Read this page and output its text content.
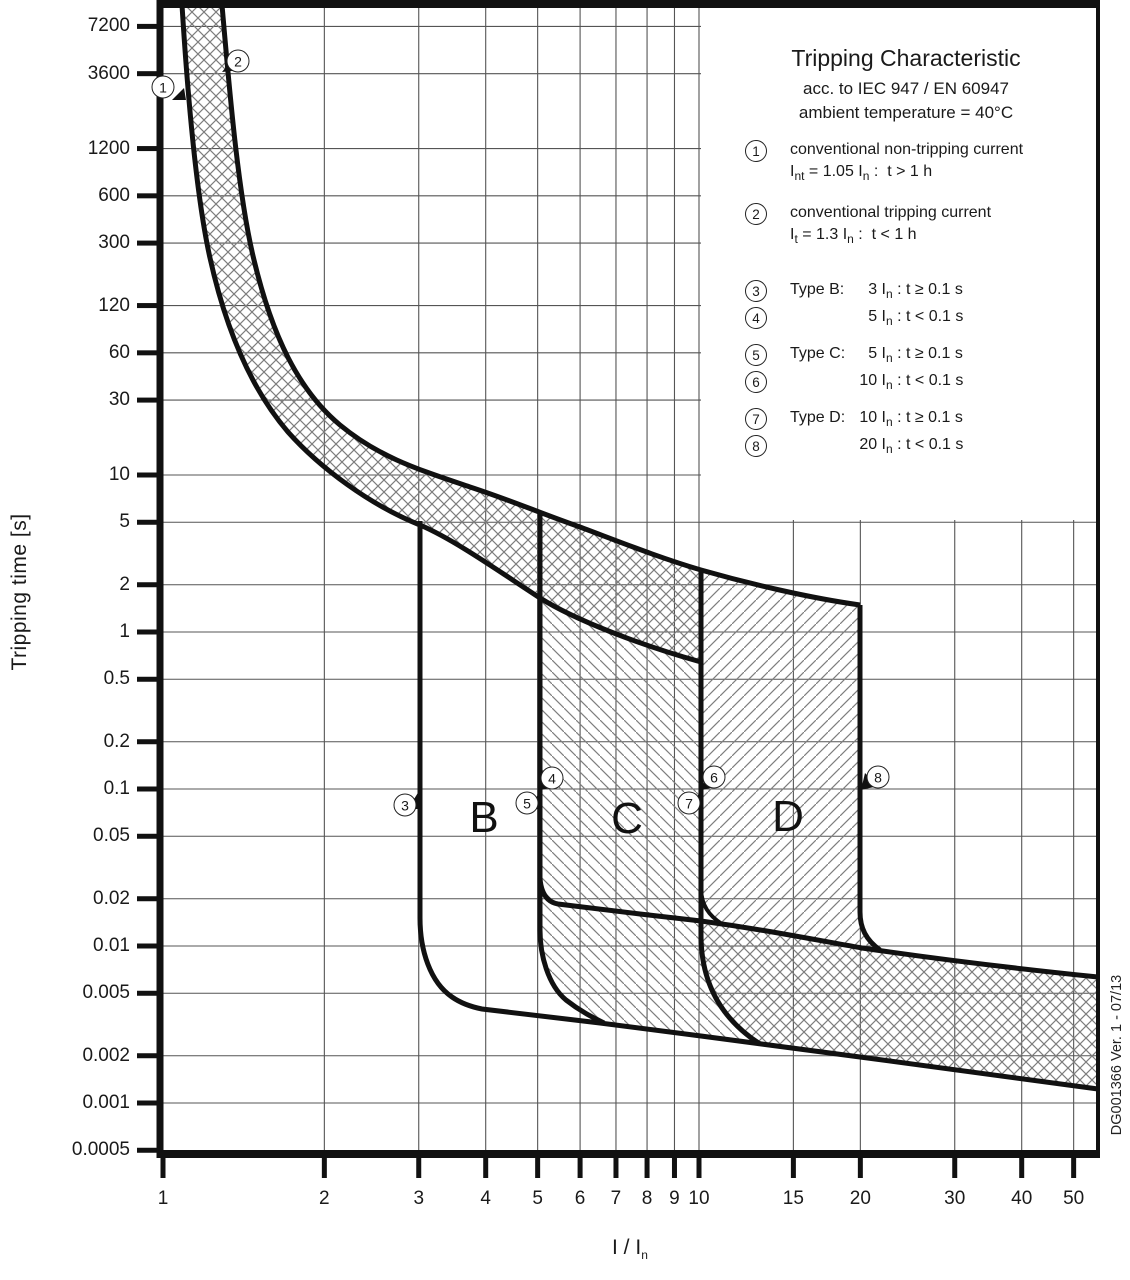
Tripping time [s]
I / $I_n$
7200
3600
1200
600
300
120
60
30
10
5
2
1
0.5
0.2
0.1
0.05
0.02
0.01
0.005
0.002
0.001
0.0005
1	2	3	4	5	6	7	8 9 10	15	20	30	40	50
Tripping Characteristic
acc. to IEC 947 / EN 60947
ambient temperature = 40°C
1	conventional non-tripping current
$I_{nt} = 1.05$ $I_n$ :  t > 1 h
2	conventional tripping current
$I_t = 1.3$ $I_n$ :  t < 1 h
3
4
Type B:	3 $I_n$ : t ≥ 0.1 s
5 $I_n$ : t < 0.1 s
5
6
Type C:	5 $I_n$ : t ≥ 0.1 s
10 $I_n$ : t < 0.1 s
7
8
Type D: 10 $I_n$ : t ≥ 0.1 s
20 $I_n$ : t < 0.1 s
B	C	D
1
2
3
4
5
6
7
8
DG001366 Ver. 1 - 07/13
